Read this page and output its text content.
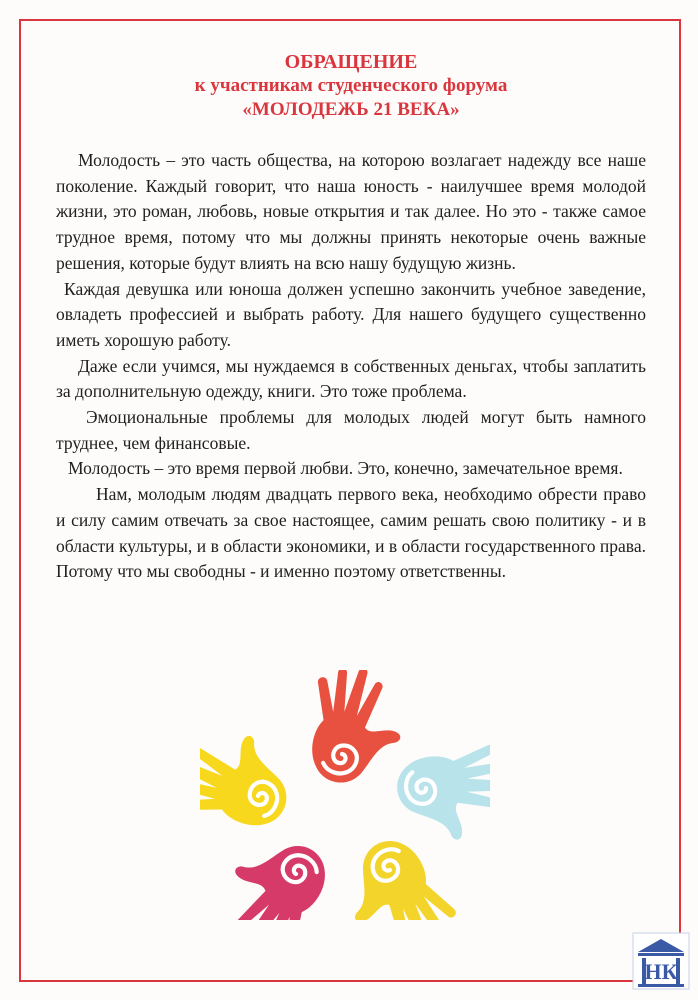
ОБРАЩЕНИЕ
к участникам студенческого форума
«МОЛОДЕЖЬ 21 ВЕКА»

Молодость – это часть общества, на которою возлагает надежду все наше поколение. Каждый говорит, что наша юность - наилучшее время молодой жизни, это роман, любовь, новые открытия и так далее. Но это - также самое трудное время, потому что мы должны принять некоторые очень важные решения, которые будут влиять на всю нашу будущую жизнь.

Каждая девушка или юноша должен успешно закончить учебное заведение, овладеть профессией и выбрать работу. Для нашего будущего существенно иметь хорошую работу.

Даже если учимся, мы нуждаемся в собственных деньгах, чтобы заплатить за дополнительную одежду, книги. Это тоже проблема.

Эмоциональные проблемы для молодых людей могут быть намного труднее, чем финансовые.

Молодость – это время первой любви. Это, конечно, замечательное время.

Нам, молодым людям двадцать первого века, необходимо обрести право и силу самим отвечать за свое настоящее, самим решать свою политику - и в области культуры, и в области экономики, и в области государственного права. Потому что мы свободны - и именно поэтому ответственны.

НК
